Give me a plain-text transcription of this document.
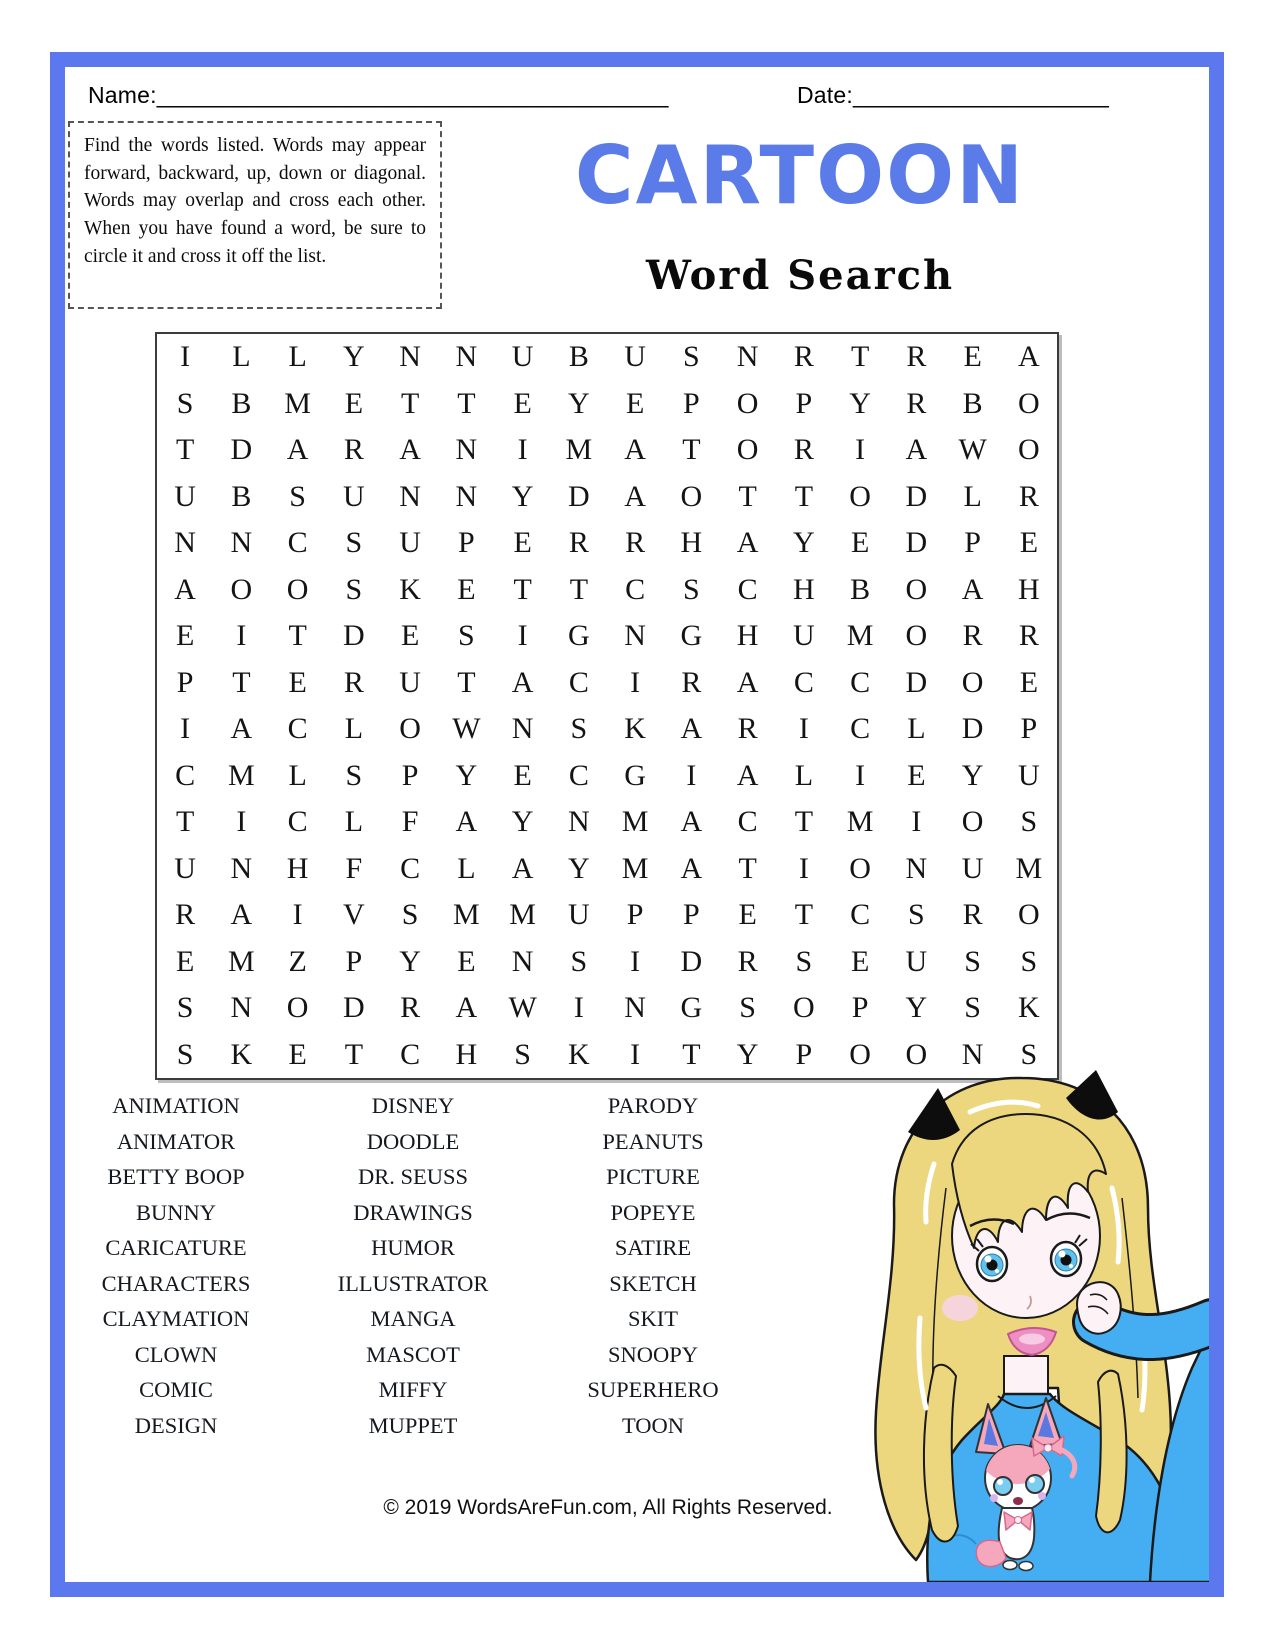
Name:________________________________________	Date:____________________
Find the words listed. Words may appear forward, backward, up, down or diagonal. Words may overlap and cross each other. When you have found a word, be sure to circle it and cross it off the list.
CARTOON
Word Search
I	L	L	Y	N	N	U	B	U	S	N	R	T	R	E	A
S	B	M	E	T	T	E	Y	E	P	O	P	Y	R	B	O
T	D	A	R	A	N	I	M	A	T	O	R	I	A	W	O
U	B	S	U	N	N	Y	D	A	O	T	T	O	D	L	R
N	N	C	S	U	P	E	R	R	H	A	Y	E	D	P	E
A	O	O	S	K	E	T	T	C	S	C	H	B	O	A	H
E	I	T	D	E	S	I	G	N	G	H	U	M	O	R	R
P	T	E	R	U	T	A	C	I	R	A	C	C	D	O	E
I	A	C	L	O	W	N	S	K	A	R	I	C	L	D	P
C	M	L	S	P	Y	E	C	G	I	A	L	I	E	Y	U
T	I	C	L	F	A	Y	N	M	A	C	T	M	I	O	S
U	N	H	F	C	L	A	Y	M	A	T	I	O	N	U	M
R	A	I	V	S	M M	U	P	P	E	T	C	S	R	O
E	M	Z	P	Y	E	N	S	I	D	R	S	E	U	S	S
S	N	O	D	R	A	W	I	N	G	S	O	P	Y	S	K
S	K	E	T	C	H	S	K	I	T	Y	P	O	O	N	S
ANIMATION
ANIMATOR
BETTY BOOP
BUNNY
CARICATURE
CHARACTERS
CLAYMATION
CLOWN
COMIC
DESIGN
DISNEY
DOODLE
DR. SEUSS
DRAWINGS
HUMOR
ILLUSTRATOR
MANGA
MASCOT
MIFFY
MUPPET
PARODY
PEANUTS
PICTURE
POPEYE
SATIRE
SKETCH
SKIT
SNOOPY
SUPERHERO
TOON
© 2019 WordsAreFun.com, All Rights Reserved.
